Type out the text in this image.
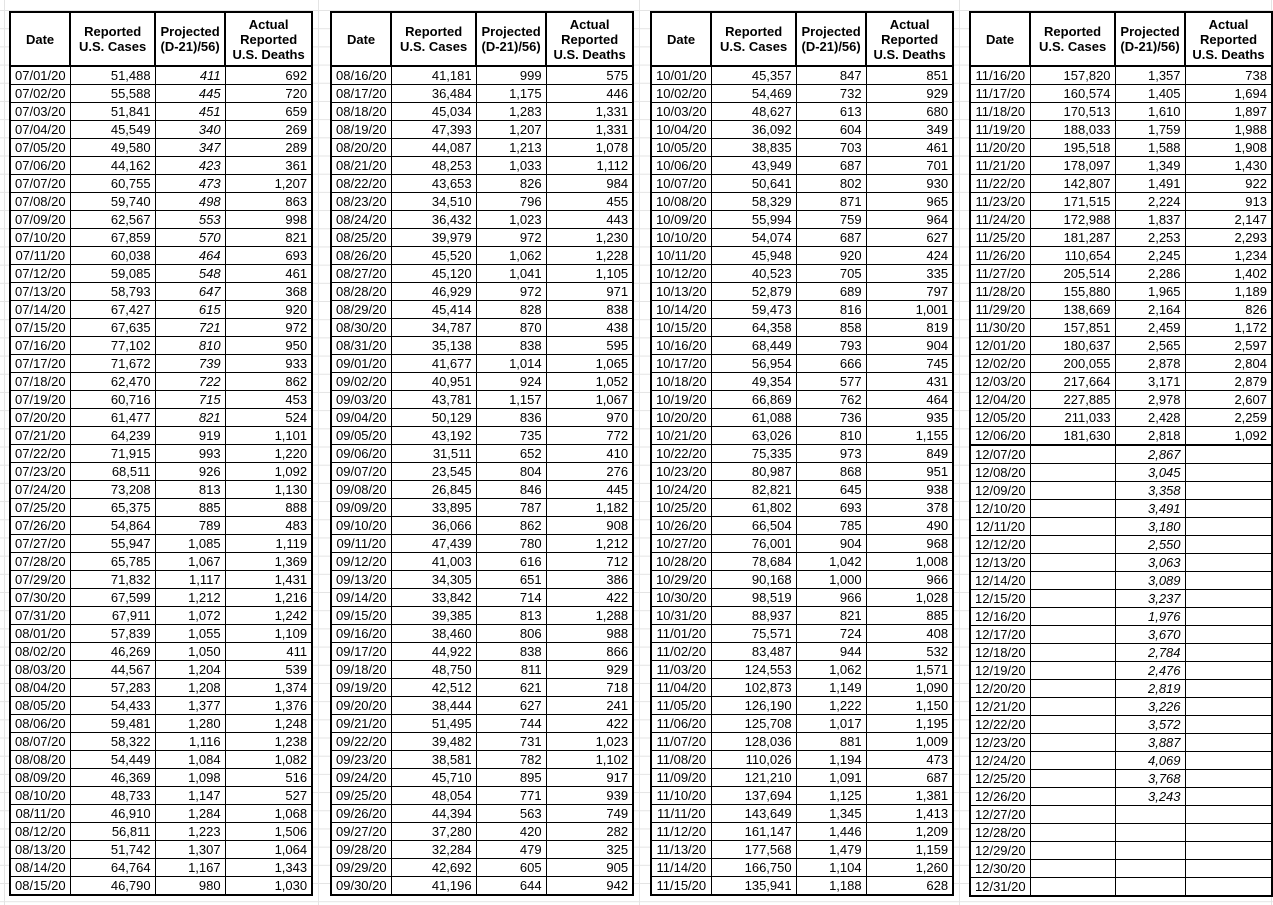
Date	Reported U.S. Cases	Projected (D-21)/56)	Actual Reported U.S. Deaths
07/01/20	51,488	411	692
07/02/20	55,588	445	720
07/03/20	51,841	451	659
07/04/20	45,549	340	269
07/05/20	49,580	347	289
07/06/20	44,162	423	361
07/07/20	60,755	473	1,207
07/08/20	59,740	498	863
07/09/20	62,567	553	998
07/10/20	67,859	570	821
07/11/20	60,038	464	693
07/12/20	59,085	548	461
07/13/20	58,793	647	368
07/14/20	67,427	615	920
07/15/20	67,635	721	972
07/16/20	77,102	810	950
07/17/20	71,672	739	933
07/18/20	62,470	722	862
07/19/20	60,716	715	453
07/20/20	61,477	821	524
07/21/20	64,239	919	1,101
07/22/20	71,915	993	1,220
07/23/20	68,511	926	1,092
07/24/20	73,208	813	1,130
07/25/20	65,375	885	888
07/26/20	54,864	789	483
07/27/20	55,947	1,085	1,119
07/28/20	65,785	1,067	1,369
07/29/20	71,832	1,117	1,431
07/30/20	67,599	1,212	1,216
07/31/20	67,911	1,072	1,242
08/01/20	57,839	1,055	1,109
08/02/20	46,269	1,050	411
08/03/20	44,567	1,204	539
08/04/20	57,283	1,208	1,374
08/05/20	54,433	1,377	1,376
08/06/20	59,481	1,280	1,248
08/07/20	58,322	1,116	1,238
08/08/20	54,449	1,084	1,082
08/09/20	46,369	1,098	516
08/10/20	48,733	1,147	527
08/11/20	46,910	1,284	1,068
08/12/20	56,811	1,223	1,506
08/13/20	51,742	1,307	1,064
08/14/20	64,764	1,167	1,343
08/15/20	46,790	980	1,030
Date	Reported U.S. Cases	Projected (D-21)/56)	Actual Reported U.S. Deaths
08/16/20	41,181	999	575
08/17/20	36,484	1,175	446
08/18/20	45,034	1,283	1,331
08/19/20	47,393	1,207	1,331
08/20/20	44,087	1,213	1,078
08/21/20	48,253	1,033	1,112
08/22/20	43,653	826	984
08/23/20	34,510	796	455
08/24/20	36,432	1,023	443
08/25/20	39,979	972	1,230
08/26/20	45,520	1,062	1,228
08/27/20	45,120	1,041	1,105
08/28/20	46,929	972	971
08/29/20	45,414	828	838
08/30/20	34,787	870	438
08/31/20	35,138	838	595
09/01/20	41,677	1,014	1,065
09/02/20	40,951	924	1,052
09/03/20	43,781	1,157	1,067
09/04/20	50,129	836	970
09/05/20	43,192	735	772
09/06/20	31,511	652	410
09/07/20	23,545	804	276
09/08/20	26,845	846	445
09/09/20	33,895	787	1,182
09/10/20	36,066	862	908
09/11/20	47,439	780	1,212
09/12/20	41,003	616	712
09/13/20	34,305	651	386
09/14/20	33,842	714	422
09/15/20	39,385	813	1,288
09/16/20	38,460	806	988
09/17/20	44,922	838	866
09/18/20	48,750	811	929
09/19/20	42,512	621	718
09/20/20	38,444	627	241
09/21/20	51,495	744	422
09/22/20	39,482	731	1,023
09/23/20	38,581	782	1,102
09/24/20	45,710	895	917
09/25/20	48,054	771	939
09/26/20	44,394	563	749
09/27/20	37,280	420	282
09/28/20	32,284	479	325
09/29/20	42,692	605	905
09/30/20	41,196	644	942
Date	Reported U.S. Cases	Projected (D-21)/56)	Actual Reported U.S. Deaths
10/01/20	45,357	847	851
10/02/20	54,469	732	929
10/03/20	48,627	613	680
10/04/20	36,092	604	349
10/05/20	38,835	703	461
10/06/20	43,949	687	701
10/07/20	50,641	802	930
10/08/20	58,329	871	965
10/09/20	55,994	759	964
10/10/20	54,074	687	627
10/11/20	45,948	920	424
10/12/20	40,523	705	335
10/13/20	52,879	689	797
10/14/20	59,473	816	1,001
10/15/20	64,358	858	819
10/16/20	68,449	793	904
10/17/20	56,954	666	745
10/18/20	49,354	577	431
10/19/20	66,869	762	464
10/20/20	61,088	736	935
10/21/20	63,026	810	1,155
10/22/20	75,335	973	849
10/23/20	80,987	868	951
10/24/20	82,821	645	938
10/25/20	61,802	693	378
10/26/20	66,504	785	490
10/27/20	76,001	904	968
10/28/20	78,684	1,042	1,008
10/29/20	90,168	1,000	966
10/30/20	98,519	966	1,028
10/31/20	88,937	821	885
11/01/20	75,571	724	408
11/02/20	83,487	944	532
11/03/20	124,553	1,062	1,571
11/04/20	102,873	1,149	1,090
11/05/20	126,190	1,222	1,150
11/06/20	125,708	1,017	1,195
11/07/20	128,036	881	1,009
11/08/20	110,026	1,194	473
11/09/20	121,210	1,091	687
11/10/20	137,694	1,125	1,381
11/11/20	143,649	1,345	1,413
11/12/20	161,147	1,446	1,209
11/13/20	177,568	1,479	1,159
11/14/20	166,750	1,104	1,260
11/15/20	135,941	1,188	628
Date	Reported U.S. Cases	Projected (D-21)/56)	Actual Reported U.S. Deaths
11/16/20	157,820	1,357	738
11/17/20	160,574	1,405	1,694
11/18/20	170,513	1,610	1,897
11/19/20	188,033	1,759	1,988
11/20/20	195,518	1,588	1,908
11/21/20	178,097	1,349	1,430
11/22/20	142,807	1,491	922
11/23/20	171,515	2,224	913
11/24/20	172,988	1,837	2,147
11/25/20	181,287	2,253	2,293
11/26/20	110,654	2,245	1,234
11/27/20	205,514	2,286	1,402
11/28/20	155,880	1,965	1,189
11/29/20	138,669	2,164	826
11/30/20	157,851	2,459	1,172
12/01/20	180,637	2,565	2,597
12/02/20	200,055	2,878	2,804
12/03/20	217,664	3,171	2,879
12/04/20	227,885	2,978	2,607
12/05/20	211,033	2,428	2,259
12/06/20	181,630	2,818	1,092
12/07/20		2,867	
12/08/20		3,045	
12/09/20		3,358	
12/10/20		3,491	
12/11/20		3,180	
12/12/20		2,550	
12/13/20		3,063	
12/14/20		3,089	
12/15/20		3,237	
12/16/20		1,976	
12/17/20		3,670	
12/18/20		2,784	
12/19/20		2,476	
12/20/20		2,819	
12/21/20		3,226	
12/22/20		3,572	
12/23/20		3,887	
12/24/20		4,069	
12/25/20		3,768	
12/26/20		3,243	
12/27/20			
12/28/20			
12/29/20			
12/30/20			
12/31/20			
